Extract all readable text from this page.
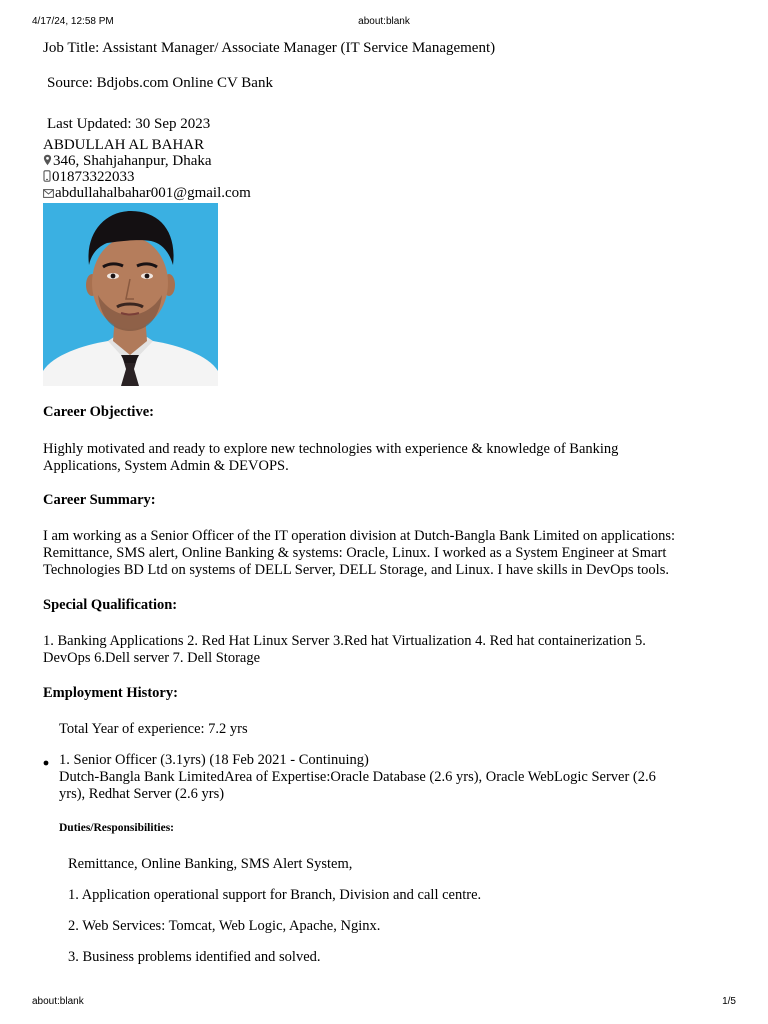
4/17/24, 12:58 PM	about:blank
Job Title: Assistant Manager/ Associate Manager (IT Service Management)
Source: Bdjobs.com Online CV Bank
Last Updated: 30 Sep 2023
ABDULLAH AL BAHAR
346, Shahjahanpur, Dhaka
01873322033
abdullahalbahar001@gmail.com
Career Objective:
Highly motivated and ready to explore new technologies with experience & knowledge of Banking
Applications, System Admin & DEVOPS.
Career Summary:
I am working as a Senior Officer of the IT operation division at Dutch-Bangla Bank Limited on applications:
Remittance, SMS alert, Online Banking & systems: Oracle, Linux. I worked as a System Engineer at Smart
Technologies BD Ltd on systems of DELL Server, DELL Storage, and Linux. I have skills in DevOps tools.
Special Qualification:
1. Banking Applications 2. Red Hat Linux Server 3.Red hat Virtualization 4. Red hat containerization 5.
DevOps 6.Dell server 7. Dell Storage
Employment History:
Total Year of experience: 7.2 yrs
1. Senior Officer (3.1yrs) (18 Feb 2021 - Continuing)
Dutch-Bangla Bank LimitedArea of Expertise:Oracle Database (2.6 yrs), Oracle WebLogic Server (2.6
yrs), Redhat Server (2.6 yrs)
Duties/Responsibilities:
Remittance, Online Banking, SMS Alert System,
1. Application operational support for Branch, Division and call centre.
2. Web Services: Tomcat, Web Logic, Apache, Nginx.
3. Business problems identified and solved.
about:blank	1/5
